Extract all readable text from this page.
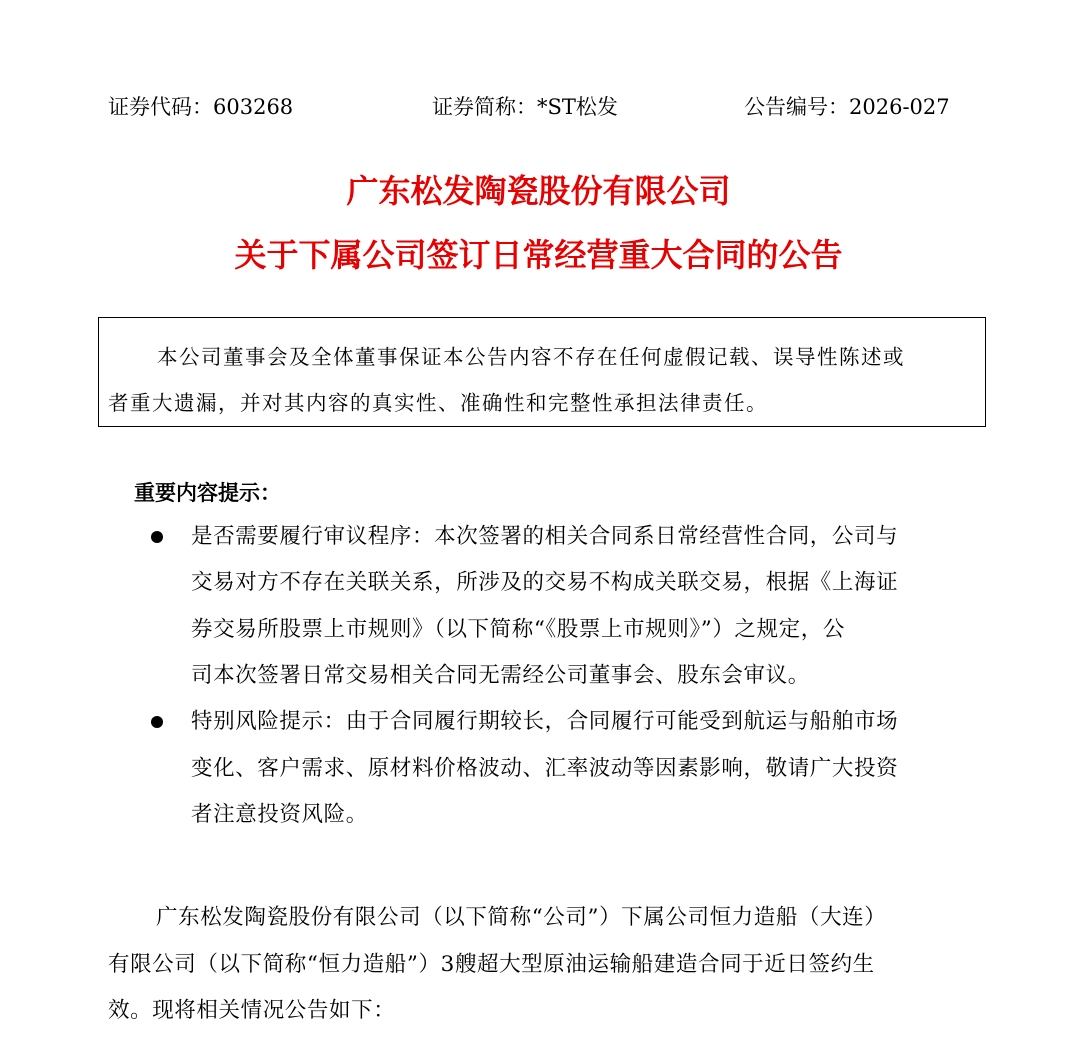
证券代码：603268	证券简称：*ST松发	公告编号：2026-027
广东松发陶瓷股份有限公司
关于下属公司签订日常经营重大合同的公告
本公司董事会及全体董事保证本公告内容不存在任何虚假记载、误导性陈述或
者重大遗漏，并对其内容的真实性、准确性和完整性承担法律责任。
重要内容提示：
是否需要履行审议程序：本次签署的相关合同系日常经营性合同，公司与
交易对方不存在关联关系，所涉及的交易不构成关联交易，根据《上海证
券交易所股票上市规则》（以下简称“《股票上市规则》”）之规定，公
司本次签署日常交易相关合同无需经公司董事会、股东会审议。
特别风险提示：由于合同履行期较长，合同履行可能受到航运与船舶市场
变化、客户需求、原材料价格波动、汇率波动等因素影响，敬请广大投资
者注意投资风险。
广东松发陶瓷股份有限公司（以下简称“公司”）下属公司恒力造船（大连）
有限公司（以下简称“恒力造船”）3艘超大型原油运输船建造合同于近日签约生
效。现将相关情况公告如下：
